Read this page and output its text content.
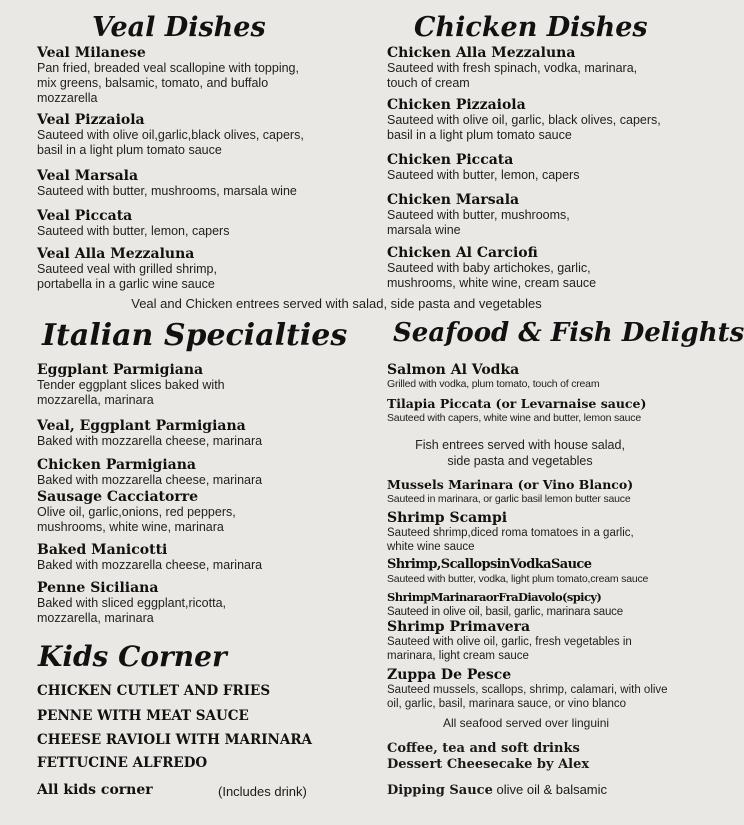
Veal Dishes	Chicken Dishes
Italian Specialties Seafood & Fish Delights
Kids Corner
Veal Milanese
Pan fried, breaded veal scallopine with topping, mix greens, balsamic, tomato, and buffalo mozzarella
Veal Pizzaiola
Sauteed with olive oil,garlic,black olives, capers, basil in a light plum tomato sauce
Veal Marsala
Sauteed with butter, mushrooms, marsala wine
Veal Piccata
Sauteed with butter, lemon, capers
Veal Alla Mezzaluna
Sauteed veal with grilled shrimp, portabella in a garlic wine sauce
Chicken Alla Mezzaluna
Sauteed with fresh spinach, vodka, marinara, touch of cream
Chicken Pizzaiola
Sauteed with olive oil, garlic, black olives, capers, basil in a light plum tomato sauce
Chicken Piccata
Sauteed with butter, lemon, capers
Chicken Marsala
Sauteed with butter, mushrooms, marsala wine
Chicken Al Carciofi
Sauteed with baby artichokes, garlic, mushrooms, white wine, cream sauce
Veal and Chicken entrees served with salad, side pasta and vegetables
Eggplant Parmigiana
Tender eggplant slices baked with mozzarella, marinara
Veal, Eggplant Parmigiana
Baked with mozzarella cheese, marinara
Chicken Parmigiana
Baked with mozzarella cheese, marinara
Sausage Cacciatorre
Olive oil, garlic,onions, red peppers, mushrooms, white wine, marinara
Baked Manicotti
Baked with mozzarella cheese, marinara
Penne Siciliana
Baked with sliced eggplant,ricotta, mozzarella, marinara
Salmon Al Vodka
Grilled with vodka, plum tomato, touch of cream
Tilapia Piccata (or Levarnaise sauce)
Sauteed with capers, white wine and butter, lemon sauce
Fish entrees served with house salad, side pasta and vegetables
Mussels Marinara (or Vino Blanco)
Sauteed in marinara, or garlic basil lemon butter sauce
Shrimp Scampi
Sauteed shrimp,diced roma tomatoes in a garlic, white wine sauce
Shrimp,ScallopsinVodkaSauce
Sauteed with butter, vodka, light plum tomato,cream sauce
ShrimpMarinaraorFraDiavolo(spicy)
Sauteed in olive oil, basil, garlic, marinara sauce
Shrimp Primavera
Sauteed with olive oil, garlic, fresh vegetables in marinara, light cream sauce
Zuppa De Pesce
Sauteed mussels, scallops, shrimp, calamari, with olive oil, garlic, basil, marinara sauce, or vino blanco
All seafood served over linguini
CHICKEN CUTLET AND FRIES
PENNE WITH MEAT SAUCE
CHEESE RAVIOLI WITH MARINARA
FETTUCINE ALFREDO
All kids corner	(Includes drink)
Coffee, tea and soft drinks
Dessert Cheesecake by Alex
Dipping Sauce olive oil & balsamic
